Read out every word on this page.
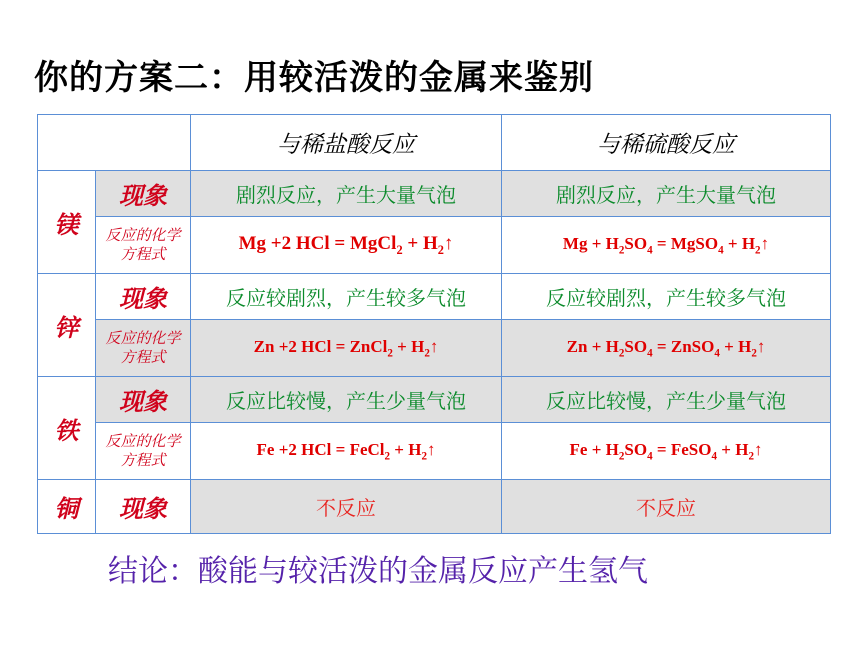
你的方案二：用较活泼的金属来鉴别
		与稀盐酸反应	与稀硫酸反应
镁	现象	剧烈反应，产生大量气泡	剧烈反应，产生大量气泡

	反应的化学方程式	Mg +2 HCl = MgCl$_2$ + $H_2↑$	$Mg + H_2SO_4$ = MgSO$_4$ + $H_2↑$
锌	现象	反应较剧烈，产生较多气泡	反应较剧烈，产生较多气泡

	反应的化学方程式	Zn +2 HCl = ZnCl$_2$ + $H_2↑$	$Zn + H_2SO_4$ = ZnSO$_4$ + $H_2↑$
铁	现象	反应比较慢，产生少量气泡	反应比较慢，产生少量气泡

	反应的化学方程式	Fe +2 HCl = FeCl$_2$ + $H_2↑$	$Fe + H_2SO_4$ = FeSO$_4$ + $H_2↑$
铜	现象	不反应	不反应
结论：酸能与较活泼的金属反应产生氢气
